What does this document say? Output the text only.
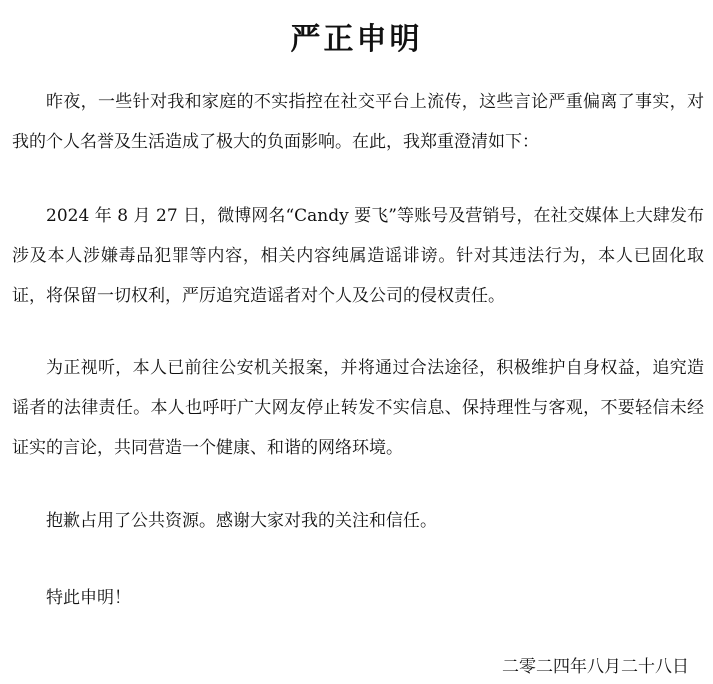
严正申明

昨夜，一些针对我和家庭的不实指控在社交平台上流传，这些言论严重偏离了事实，对我的个人名誉及生活造成了极大的负面影响。在此，我郑重澄清如下：

2024 年 8 月 27 日，微博网名“Candy 要飞”等账号及营销号，在社交媒体上大肆发布涉及本人涉嫌毒品犯罪等内容，相关内容纯属造谣诽谤。针对其违法行为，本人已固化取证，将保留一切权利，严厉追究造谣者对个人及公司的侵权责任。

为正视听，本人已前往公安机关报案，并将通过合法途径，积极维护自身权益，追究造谣者的法律责任。本人也呼吁广大网友停止转发不实信息、保持理性与客观，不要轻信未经证实的言论，共同营造一个健康、和谐的网络环境。

抱歉占用了公共资源。感谢大家对我的关注和信任。

特此申明！

二零二四年八月二十八日
